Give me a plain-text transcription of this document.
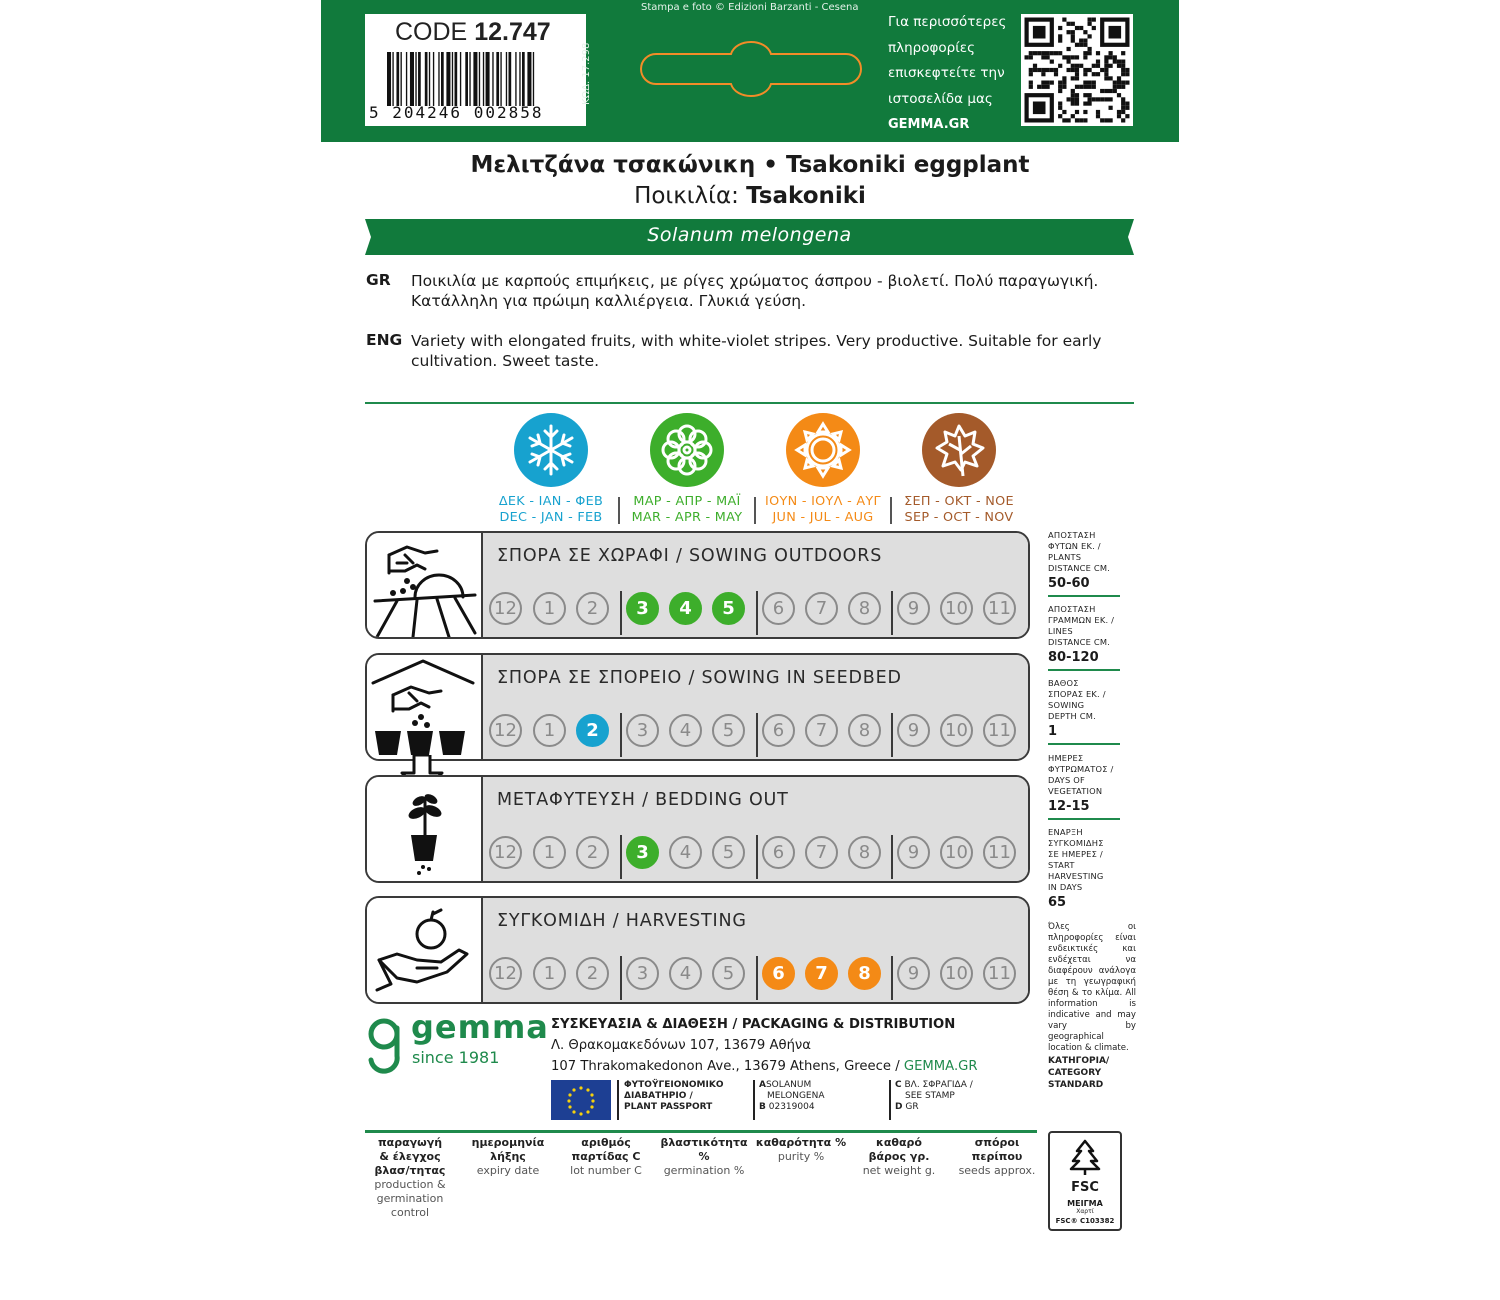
CODE 12.747
5 204246 002858
ΚΩΔ. 17.298
Stampa e foto © Edizioni Barzanti - Cesena
Για περισσότερες
πληροφορίες
επισκεφτείτε την
ιστοσελίδα μας
GEMMA.GR
Μελιτζάνα τσακώνικη • Tsakoniki eggplant
Ποικιλία: Tsakoniki
Solanum melongena
GR Ποικιλία με καρπούς επιμήκεις, με ρίγες χρώματος άσπρου - βιολετί. Πολύ παραγωγική. Κατάλληλη για πρώιμη καλλιέργεια. Γλυκιά γεύση.
ENG Variety with elongated fruits, with white-violet stripes. Very productive. Suitable for early cultivation. Sweet taste.
ΔΕΚ - ΙΑΝ - ΦΕΒ
DEC - JAN - FEB
ΜΑΡ - ΑΠΡ - ΜΑΪ
MAR - APR - MAY
ΙΟΥΝ - ΙΟΥΛ - ΑΥΓ
JUN - JUL - AUG
ΣΕΠ - ΟΚΤ - ΝΟΕ
SEP - OCT - NOV
ΣΠΟΡΑ ΣΕ ΧΩΡΑΦΙ / SOWING OUTDOORS
12	1	2	3	4	5	6	7	8	9	10 11
ΣΠΟΡΑ ΣΕ ΣΠΟΡΕΙΟ / SOWING IN SEEDBED
12	1	2	3	4	5	6	7	8	9	10 11
ΜΕΤΑΦΥΤΕΥΣΗ / BEDDING OUT
12	1	2	3	4	5	6	7	8	9	10 11
ΣΥΓΚΟΜΙΔΗ / HARVESTING
12	1	2	3	4	5	6	7	8	9	10 11
ΑΠΟΣΤΑΣΗ
ΦΥΤΩΝ ΕΚ. /
PLANTS
DISTANCE CM.
50-60
ΑΠΟΣΤΑΣΗ
ΓΡΑΜΜΩΝ ΕΚ. /
LINES
DISTANCE CM.
80-120
ΒΑΘΟΣ
ΣΠΟΡΑΣ ΕΚ. /
SOWING
DEPTH CM.
1
ΗΜΕΡΕΣ
ΦΥΤΡΩΜΑΤΟΣ /
DAYS OF
VEGETATION
12-15
ΕΝΑΡΞΗ
ΣΥΓΚΟΜΙΔΗΣ
ΣΕ ΗΜΕΡΕΣ /
START
HARVESTING
IN DAYS
65
Όλες οι πληροφορίες είναι ενδεικτικές και ενδέχεται να διαφέρουν ανάλογα με τη γεωγραφική θέση & το κλίμα. All information is indicative and may vary by geographical location & climate.
ΚΑΤΗΓΟΡΙΑ/ CATEGORY STANDARD
gemma
since 1981
ΣΥΣΚΕΥΑΣΙΑ & ΔΙΑΘΕΣΗ / PACKAGING & DISTRIBUTION
Λ. Θρακομακεδόνων 107, 13679 Αθήνα
107 Thrakomakedonon Ave., 13679 Athens, Greece / GEMMA.GR
ΦΥΤΟΫΓΕΙΟΝΟΜΙΚΟ
ΔΙΑΒΑΤΗΡΙΟ /
PLANT PASSPORT
ASOLANUM
MELONGENA
B 02319004
C ΒΛ. ΣΦΡΑΓΙΔΑ /
SEE STAMP
D GR
παραγωγή
& έλεγχος
βλασ/τητας
production &
germination
control
ημερομηνία
λήξης
expiry date
αριθμός
παρτίδας C
lot number C
βλαστικότητα %
germination %
καθαρότητα %
purity %
καθαρό
βάρος γρ.
net weight g.
σπόροι
περίπου
seeds approx.
FSC
ΜΕΙΓΜΑ
Χαρτί
FSC® C103382
